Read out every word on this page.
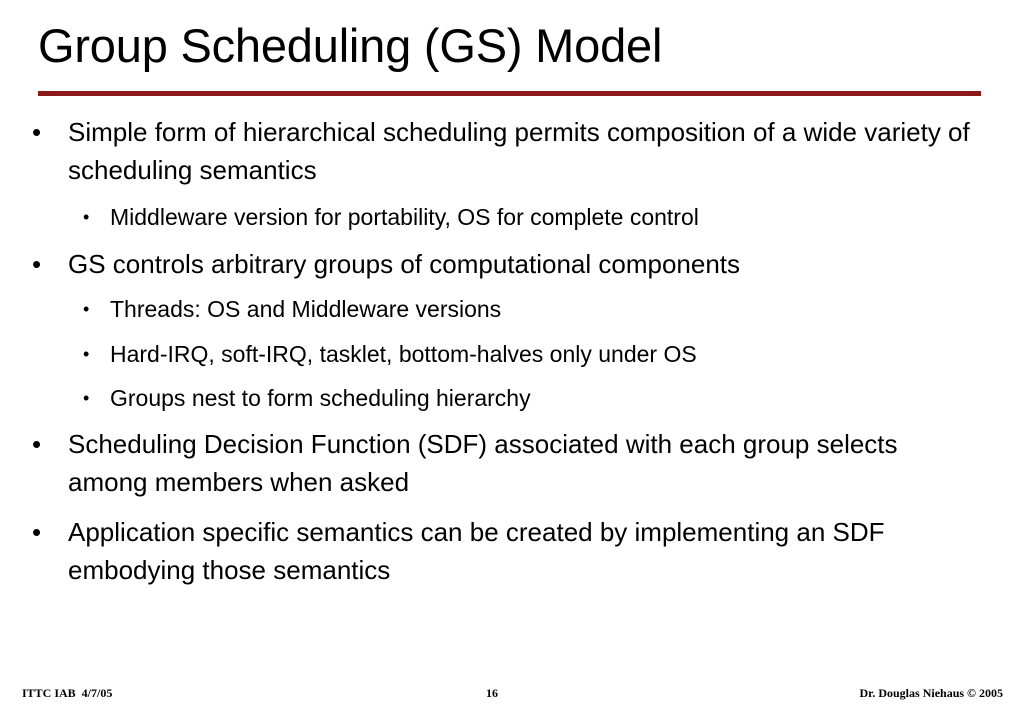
Group Scheduling (GS) Model
• Simple form of hierarchical scheduling permits composition of a wide variety of scheduling semantics
• Middleware version for portability, OS for complete control
• GS controls arbitrary groups of computational components
• Threads: OS and Middleware versions
• Hard-IRQ, soft-IRQ, tasklet, bottom-halves only under OS
• Groups nest to form scheduling hierarchy
• Scheduling Decision Function (SDF) associated with each group selects among members when asked
• Application specific semantics can be created by implementing an SDF embodying those semantics
ITTC IAB  4/7/05	16	Dr. Douglas Niehaus © 2005
